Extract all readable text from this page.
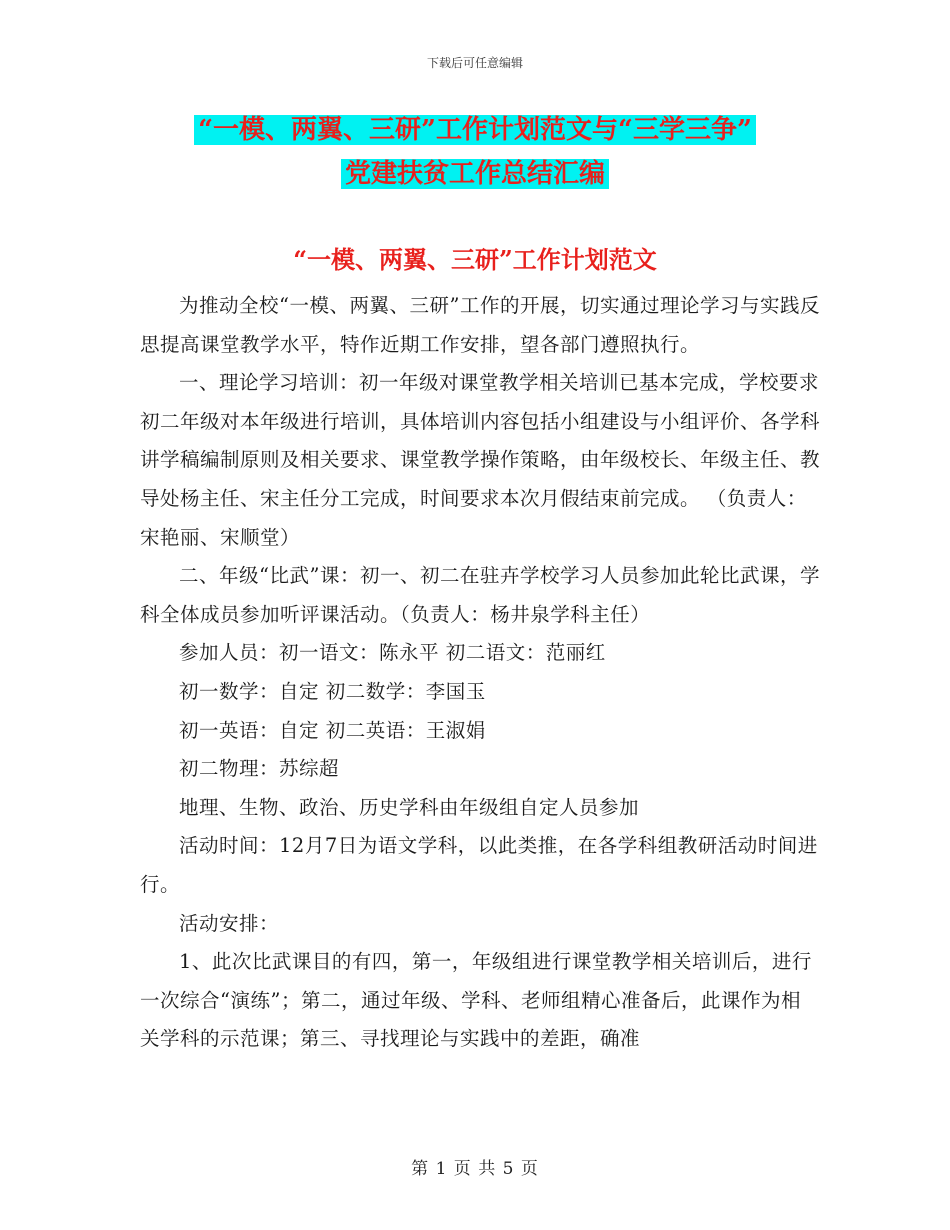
下载后可任意编辑
“一模、两翼、三研”工作计划范文与“三学三争”
党建扶贫工作总结汇编
“一模、两翼、三研”工作计划范文

为推动全校“一模、两翼、三研”工作的开展，切实通过理论学习与实践反思提高课堂教学水平，特作近期工作安排，望各部门遵照执行。

一、理论学习培训：初一年级对课堂教学相关培训已基本完成，学校要求初二年级对本年级进行培训，具体培训内容包括小组建设与小组评价、各学科讲学稿编制原则及相关要求、课堂教学操作策略，由年级校长、年级主任、教导处杨主任、宋主任分工完成，时间要求本次月假结束前完成。 （负责人：宋艳丽、宋顺堂）

二、年级“比武”课：初一、初二在驻卉学校学习人员参加此轮比武课，学科全体成员参加听评课活动。（负责人：杨井泉学科主任）

参加人员：初一语文：陈永平 初二语文：范丽红

初一数学：自定 初二数学：李国玉

初一英语：自定 初二英语：王淑娟

初二物理：苏综超

地理、生物、政治、历史学科由年级组自定人员参加

活动时间：12月7日为语文学科，以此类推，在各学科组教研活动时间进行。

活动安排：

1、此次比武课目的有四，第一，年级组进行课堂教学相关培训后，进行一次综合“演练”；第二，通过年级、学科、老师组精心准备后，此课作为相关学科的示范课；第三、寻找理论与实践中的差距，确准

第 1 页 共 5 页
